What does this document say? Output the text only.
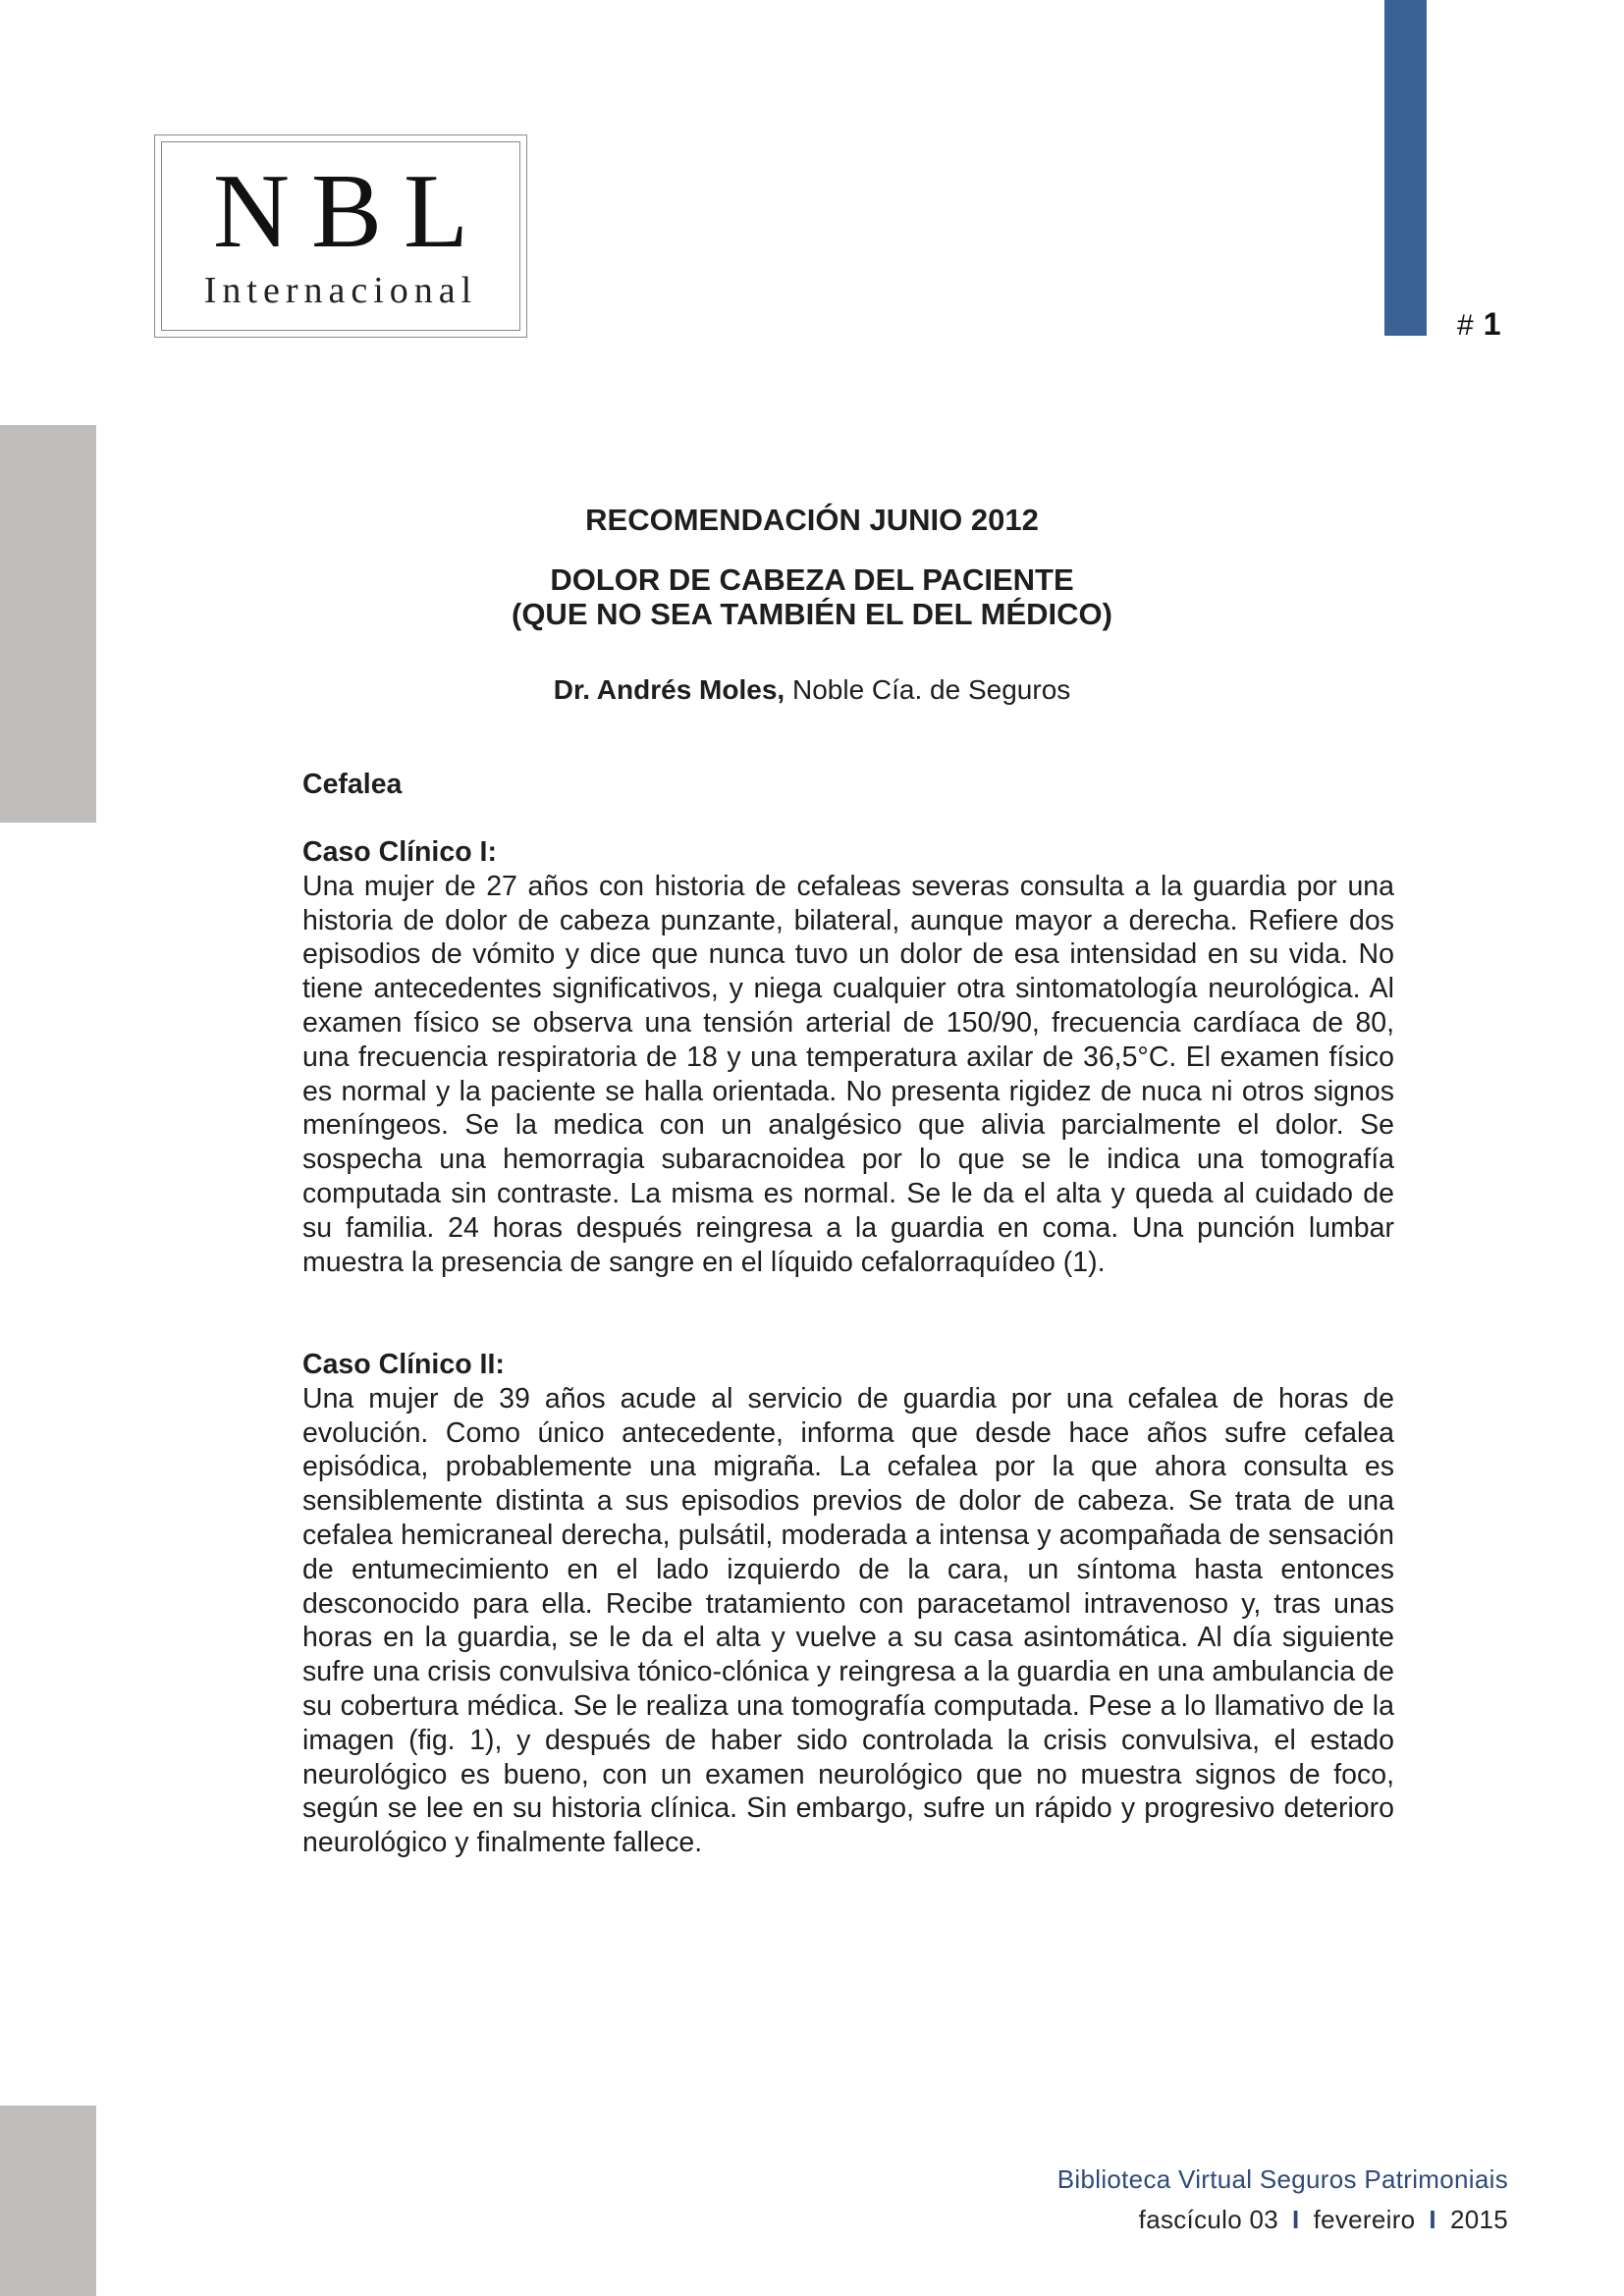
# 1
NBL
Internacional
RECOMENDACIÓN JUNIO 2012
DOLOR DE CABEZA DEL PACIENTE
(QUE NO SEA TAMBIÉN EL DEL MÉDICO)
Dr. Andrés Moles, Noble Cía. de Seguros
Cefalea
Caso Clínico I:

Una mujer de 27 años con historia de cefaleas severas consulta a la guardia por una historia de dolor de cabeza punzante, bilateral, aunque mayor a derecha. Refiere dos episodios de vómito y dice que nunca tuvo un dolor de esa intensidad en su vida. No tiene antecedentes significativos, y niega cualquier otra sintomatología neurológica. Al examen físico se observa una tensión arterial de 150/90, frecuencia cardíaca de 80, una frecuencia respiratoria de 18 y una temperatura axilar de 36,5°C. El examen físico es normal y la paciente se halla orientada. No presenta rigidez de nuca ni otros signos meníngeos. Se la medica con un analgésico que alivia parcialmente el dolor. Se sospecha una hemorragia subaracnoidea por lo que se le indica una tomografía computada sin contraste. La misma es normal. Se le da el alta y queda al cuidado de su familia. 24 horas después reingresa a la guardia en coma. Una punción lumbar muestra la presencia de sangre en el líquido cefalorraquídeo (1).

Caso Clínico II:

Una mujer de 39 años acude al servicio de guardia por una cefalea de horas de evolución. Como único antecedente, informa que desde hace años sufre cefalea episódica, probablemente una migraña. La cefalea por la que ahora consulta es sensiblemente distinta a sus episodios previos de dolor de cabeza. Se trata de una cefalea hemicraneal derecha, pulsátil, moderada a intensa y acompañada de sensación de entumecimiento en el lado izquierdo de la cara, un síntoma hasta entonces desconocido para ella. Recibe tratamiento con paracetamol intravenoso y, tras unas horas en la guardia, se le da el alta y vuelve a su casa asintomática. Al día siguiente sufre una crisis convulsiva tónico-clónica y reingresa a la guardia en una ambulancia de su cobertura médica. Se le realiza una tomografía computada. Pese a lo llamativo de la imagen (fig. 1), y después de haber sido controlada la crisis convulsiva, el estado neurológico es bueno, con un examen neurológico que no muestra signos de foco, según se lee en su historia clínica. Sin embargo, sufre un rápido y progresivo deterioro neurológico y finalmente fallece.

Biblioteca Virtual Seguros Patrimoniais
fascículo 03 I fevereiro I 2015
